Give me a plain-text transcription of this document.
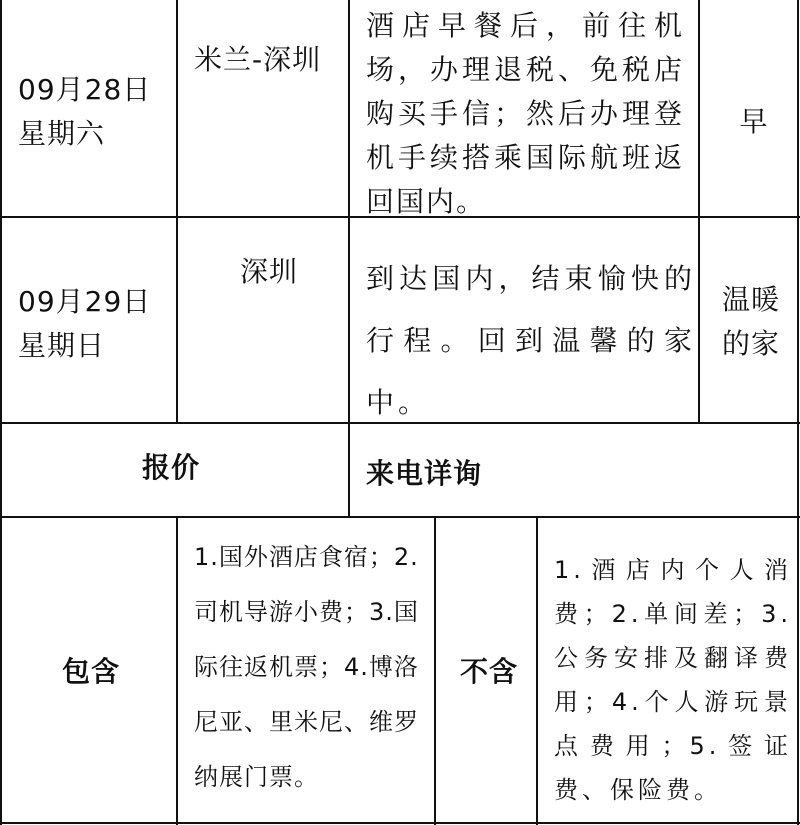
09月28日
星期六
米兰-深圳
酒店早餐后，前往机场，办理退税、免税店购买手信；然后办理登机手续搭乘国际航班返回国内。
早
09月29日
星期日
深圳 到达国内，结束愉快的行程。回到温馨的家中。
温暖的家
报价	来电详询
包含
1.国外酒店食宿；2.司机导游小费；3.国际往返机票；4.博洛尼亚、里米尼、维罗纳展门票。
不含
1.酒店内个人消费；2.单间差；3.公务安排及翻译费用；4.个人游玩景点费用；5.签证费、保险费。
